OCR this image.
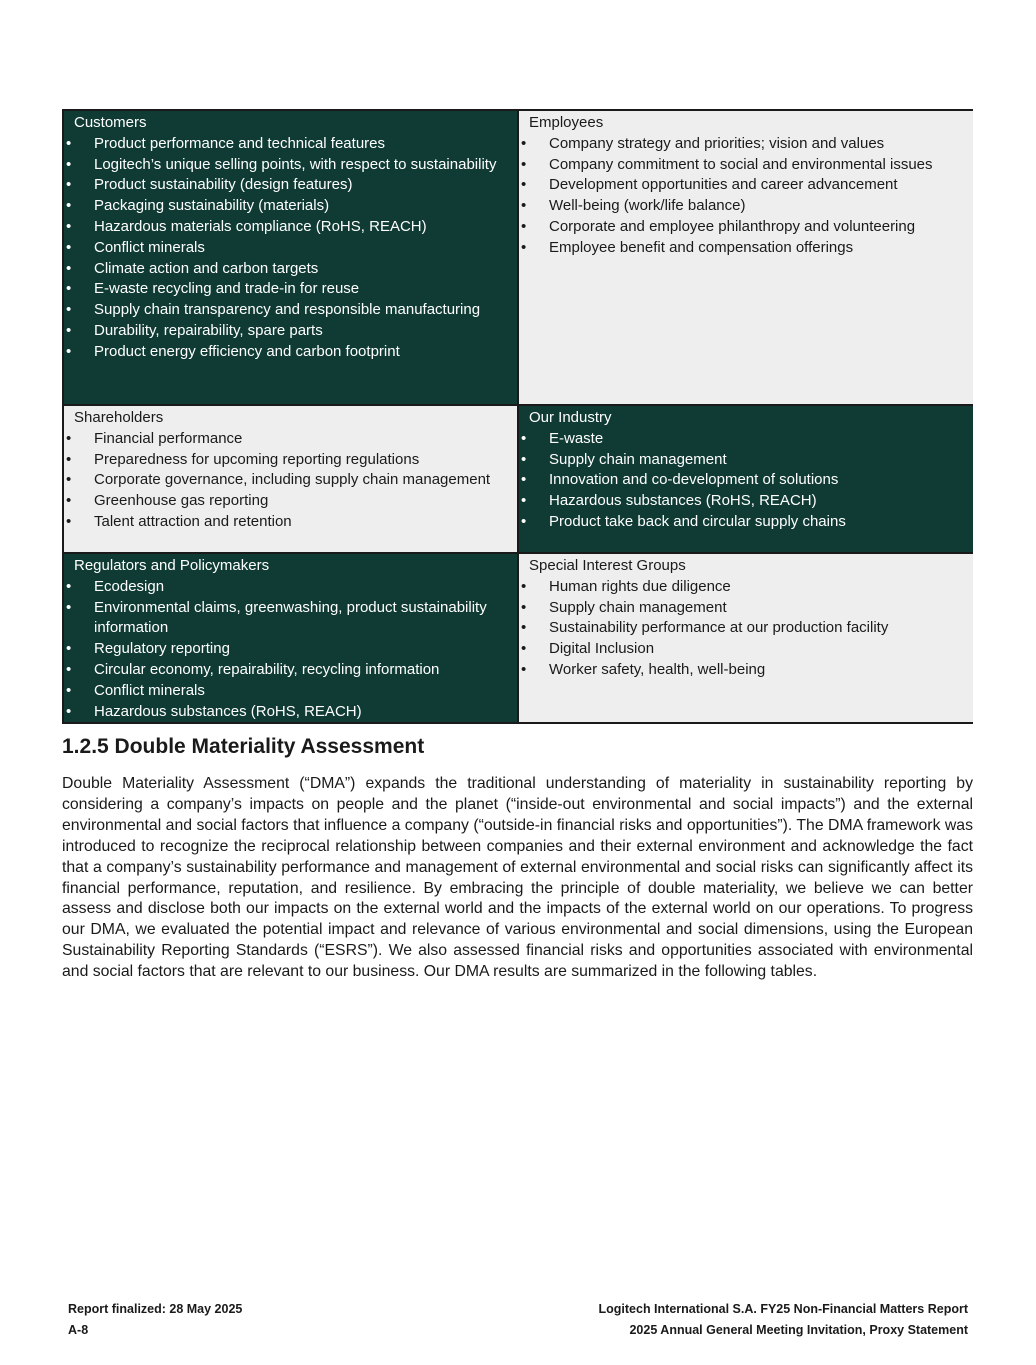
Customers
•	Product performance and technical features
•	Logitech’s unique selling points, with respect to sustainability
•	Product sustainability (design features)
•	Packaging sustainability (materials)
•	Hazardous materials compliance (RoHS, REACH)
•	Conflict minerals
•	Climate action and carbon targets
•	E-waste recycling and trade-in for reuse
•	Supply chain transparency and responsible manufacturing
•	Durability, repairability, spare parts
•	Product energy efficiency and carbon footprint
Employees
•	Company strategy and priorities; vision and values
•	Company commitment to social and environmental issues
•	Development opportunities and career advancement
•	Well-being (work/life balance)
•	Corporate and employee philanthropy and volunteering
•	Employee benefit and compensation offerings
Shareholders
•	Financial performance
•	Preparedness for upcoming reporting regulations
•	Corporate governance, including supply chain management
•	Greenhouse gas reporting
•	Talent attraction and retention
Our Industry
•	E-waste
•	Supply chain management
•	Innovation and co-development of solutions
•	Hazardous substances (RoHS, REACH)
•	Product take back and circular supply chains
Regulators and Policymakers
•	Ecodesign
•	Environmental claims, greenwashing, product sustainability information
•	Regulatory reporting
•	Circular economy, repairability, recycling information
•	Conflict minerals
•	Hazardous substances (RoHS, REACH)
Special Interest Groups
•	Human rights due diligence
•	Supply chain management
•	Sustainability performance at our production facility
•	Digital Inclusion
•	Worker safety, health, well-being
1.2.5 Double Materiality Assessment

Double Materiality Assessment (“DMA”) expands the traditional understanding of materiality in sustainability reporting by considering a company’s impacts on people and the planet (“inside-out environmental and social impacts”) and the external environmental and social factors that influence a company (“outside-in financial risks and opportunities”). The DMA framework was introduced to recognize the reciprocal relationship between companies and their external environment and acknowledge the fact that a company’s sustainability performance and management of external environmental and social risks can significantly affect its financial performance, reputation, and resilience. By embracing the principle of double materiality, we believe we can better assess and disclose both our impacts on the external world and the impacts of the external world on our operations. To progress our DMA, we evaluated the potential impact and relevance of various environmental and social dimensions, using the European Sustainability Reporting Standards (“ESRS”). We also assessed financial risks and opportunities associated with environmental and social factors that are relevant to our business. Our DMA results are summarized in the following tables.

Report finalized: 28 May 2025
A-8
Logitech International S.A. FY25 Non-Financial Matters Report
2025 Annual General Meeting Invitation, Proxy Statement
